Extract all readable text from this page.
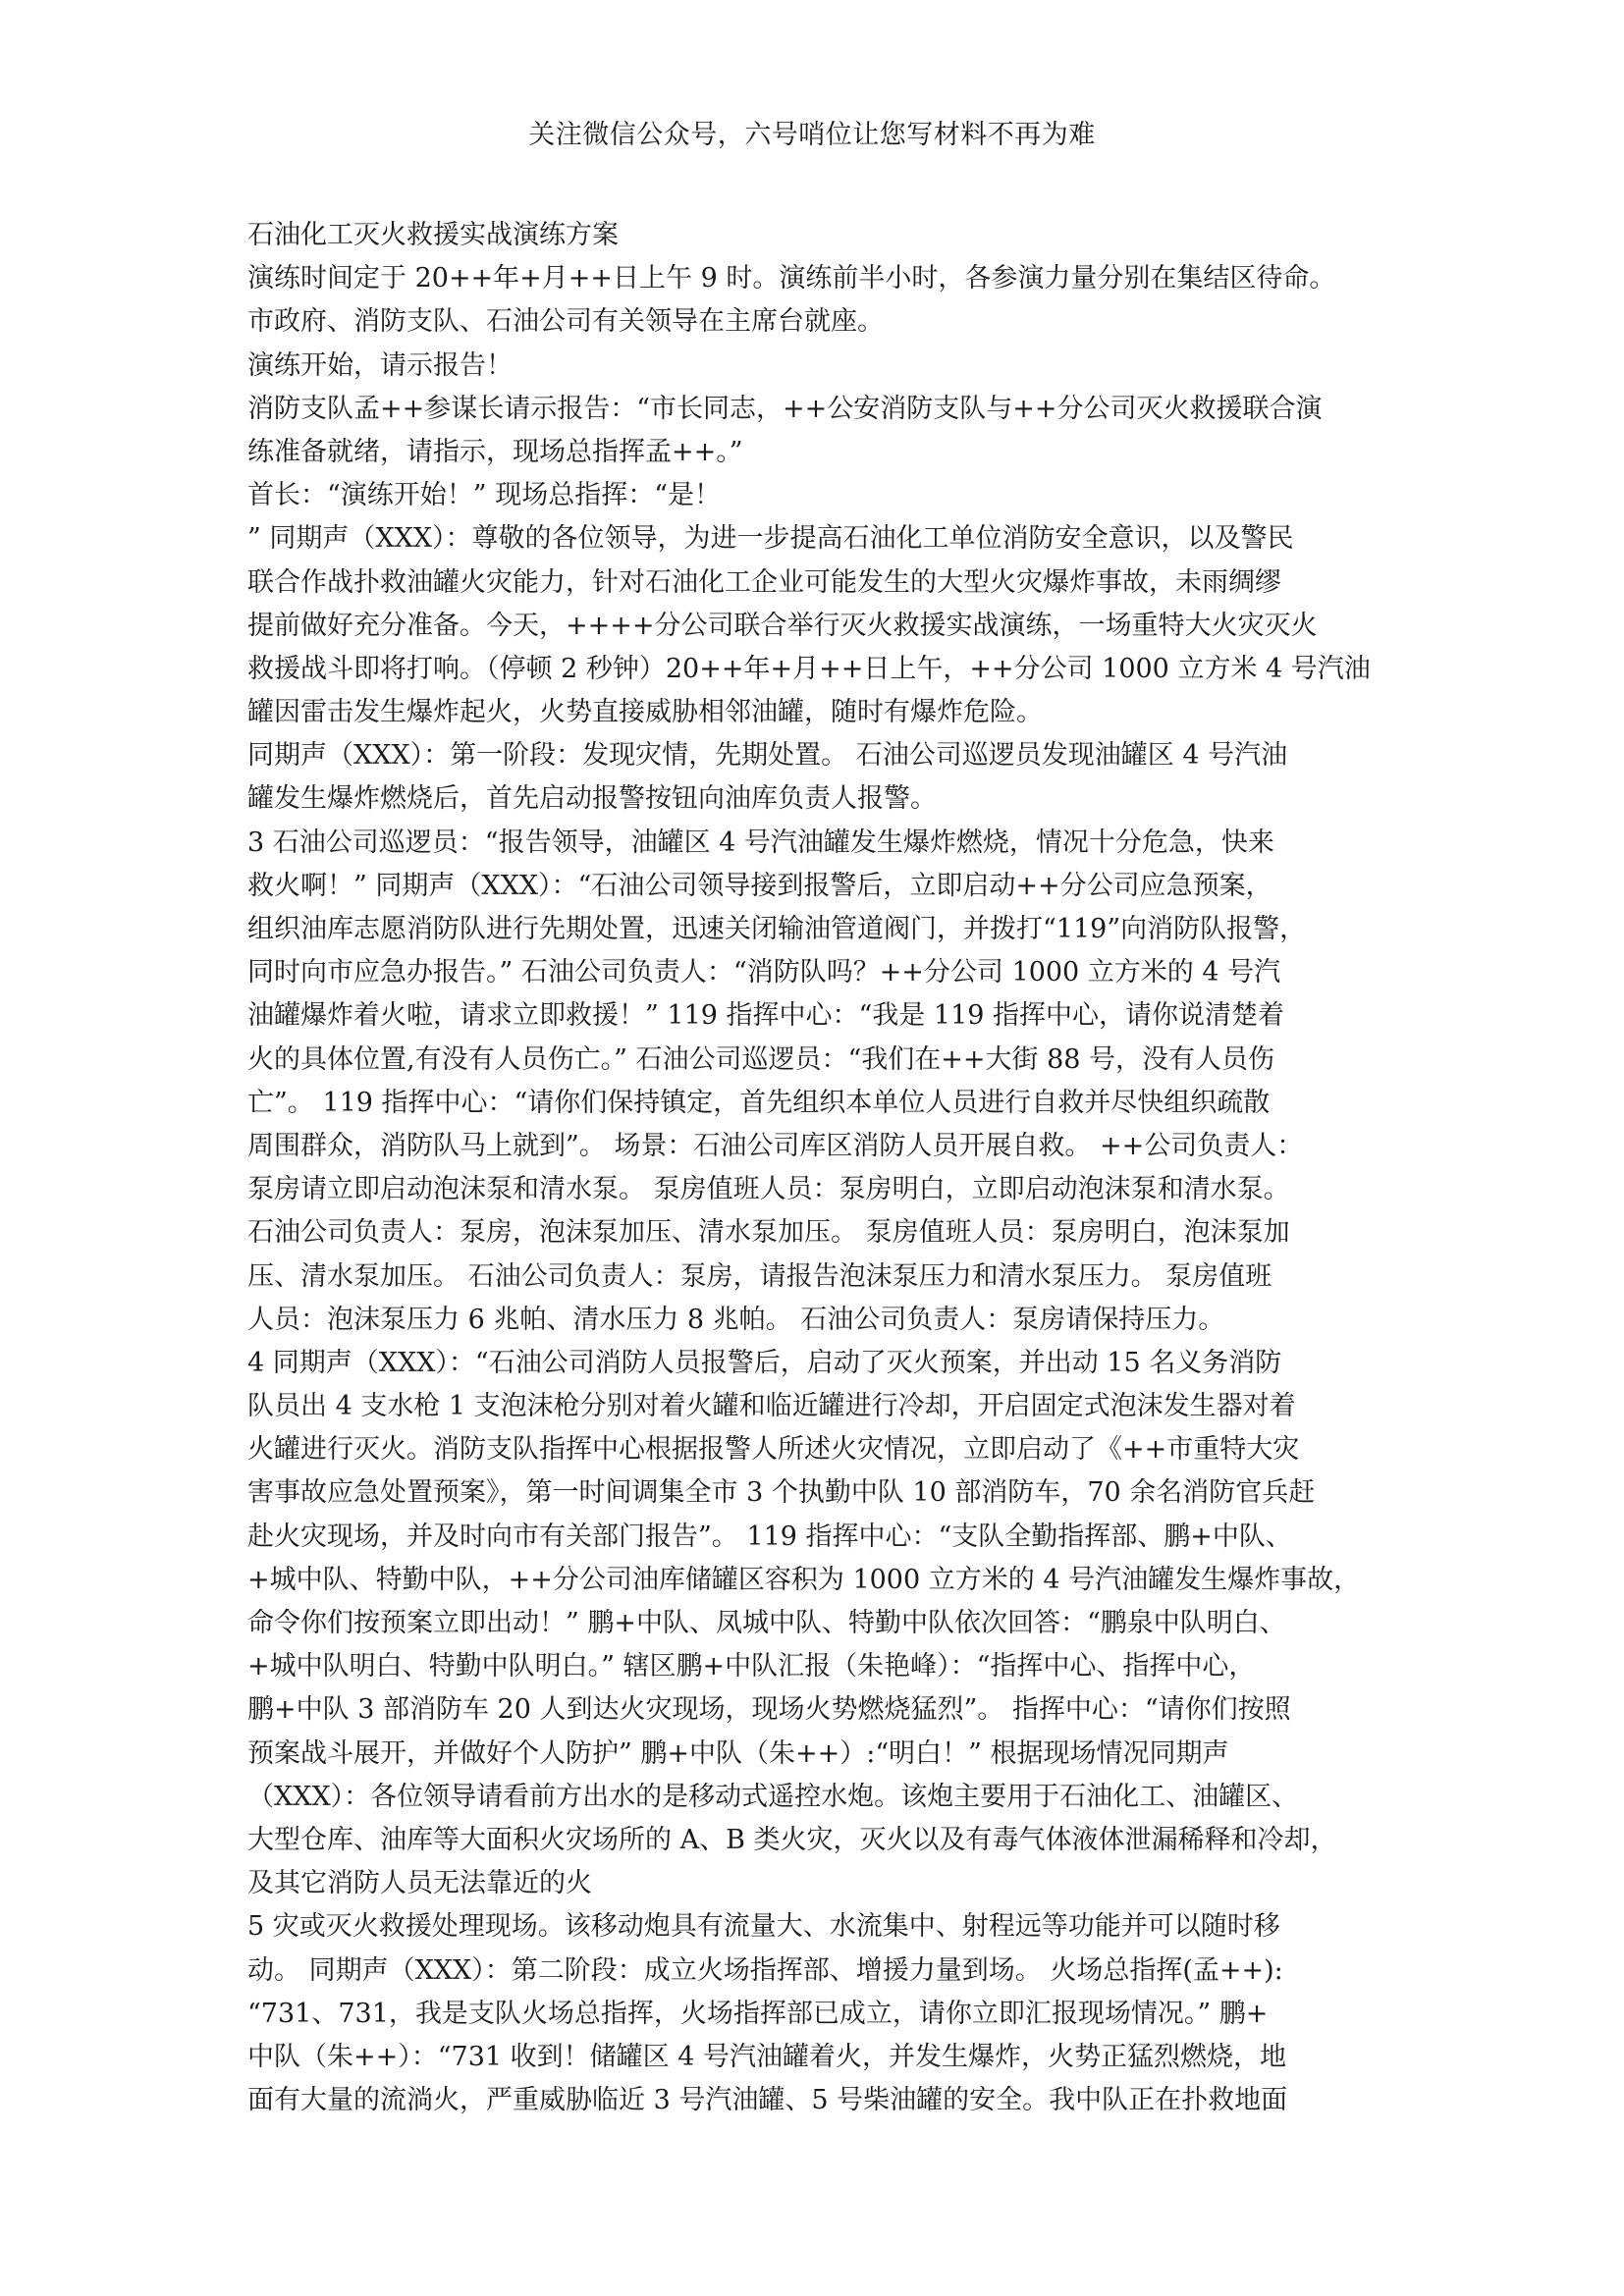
关注微信公众号，六号哨位让您写材料不再为难
石油化工灭火救援实战演练方案
演练时间定于 20++年+月++日上午 9 时。演练前半小时，各参演力量分别在集结区待命。
市政府、消防支队、石油公司有关领导在主席台就座。
演练开始，请示报告！
消防支队孟++参谋长请示报告：“市长同志，++公安消防支队与++分公司灭火救援联合演
练准备就绪，请指示，现场总指挥孟++。”
首长：“演练开始！” 现场总指挥：“是！
” 同期声（XXX）：尊敬的各位领导，为进一步提高石油化工单位消防安全意识，以及警民
联合作战扑救油罐火灾能力，针对石油化工企业可能发生的大型火灾爆炸事故，未雨绸缪
提前做好充分准备。今天，++++分公司联合举行灭火救援实战演练，一场重特大火灾灭火
救援战斗即将打响。（停顿 2 秒钟）20++年+月++日上午，++分公司 1000 立方米 4 号汽油
罐因雷击发生爆炸起火，火势直接威胁相邻油罐，随时有爆炸危险。
同期声（XXX）：第一阶段：发现灾情，先期处置。 石油公司巡逻员发现油罐区 4 号汽油
罐发生爆炸燃烧后，首先启动报警按钮向油库负责人报警。
3 石油公司巡逻员：“报告领导，油罐区 4 号汽油罐发生爆炸燃烧，情况十分危急，快来
救火啊！” 同期声（XXX）：“石油公司领导接到报警后，立即启动++分公司应急预案，
组织油库志愿消防队进行先期处置，迅速关闭输油管道阀门，并拨打“119”向消防队报警，
同时向市应急办报告。” 石油公司负责人：“消防队吗？++分公司 1000 立方米的 4 号汽
油罐爆炸着火啦，请求立即救援！” 119 指挥中心：“我是 119 指挥中心，请你说清楚着
火的具体位置,有没有人员伤亡。” 石油公司巡逻员：“我们在++大街 88 号，没有人员伤
亡”。 119 指挥中心：“请你们保持镇定，首先组织本单位人员进行自救并尽快组织疏散
周围群众，消防队马上就到”。 场景：石油公司库区消防人员开展自救。 ++公司负责人：
泵房请立即启动泡沫泵和清水泵。 泵房值班人员：泵房明白，立即启动泡沫泵和清水泵。
石油公司负责人：泵房，泡沫泵加压、清水泵加压。 泵房值班人员：泵房明白，泡沫泵加
压、清水泵加压。 石油公司负责人：泵房，请报告泡沫泵压力和清水泵压力。 泵房值班
人员：泡沫泵压力 6 兆帕、清水压力 8 兆帕。 石油公司负责人：泵房请保持压力。
4 同期声（XXX）：“石油公司消防人员报警后，启动了灭火预案，并出动 15 名义务消防
队员出 4 支水枪 1 支泡沫枪分别对着火罐和临近罐进行冷却，开启固定式泡沫发生器对着
火罐进行灭火。消防支队指挥中心根据报警人所述火灾情况，立即启动了《++市重特大灾
害事故应急处置预案》，第一时间调集全市 3 个执勤中队 10 部消防车，70 余名消防官兵赶
赴火灾现场，并及时向市有关部门报告”。 119 指挥中心：“支队全勤指挥部、鹏+中队、
+城中队、特勤中队，++分公司油库储罐区容积为 1000 立方米的 4 号汽油罐发生爆炸事故，
命令你们按预案立即出动！” 鹏+中队、凤城中队、特勤中队依次回答：“鹏泉中队明白、
+城中队明白、特勤中队明白。” 辖区鹏+中队汇报（朱艳峰）：“指挥中心、指挥中心，
鹏+中队 3 部消防车 20 人到达火灾现场，现场火势燃烧猛烈”。 指挥中心：“请你们按照
预案战斗展开，并做好个人防护” 鹏+中队（朱++）:“明白！” 根据现场情况同期声
（XXX）：各位领导请看前方出水的是移动式遥控水炮。该炮主要用于石油化工、油罐区、
大型仓库、油库等大面积火灾场所的 A、B 类火灾，灭火以及有毒气体液体泄漏稀释和冷却，
及其它消防人员无法靠近的火
5 灾或灭火救援处理现场。该移动炮具有流量大、水流集中、射程远等功能并可以随时移
动。 同期声（XXX）：第二阶段：成立火场指挥部、增援力量到场。 火场总指挥(孟++):
“731、731，我是支队火场总指挥，火场指挥部已成立，请你立即汇报现场情况。” 鹏+
中队（朱++）：“731 收到！储罐区 4 号汽油罐着火，并发生爆炸，火势正猛烈燃烧，地
面有大量的流淌火，严重威胁临近 3 号汽油罐、5 号柴油罐的安全。我中队正在扑救地面
